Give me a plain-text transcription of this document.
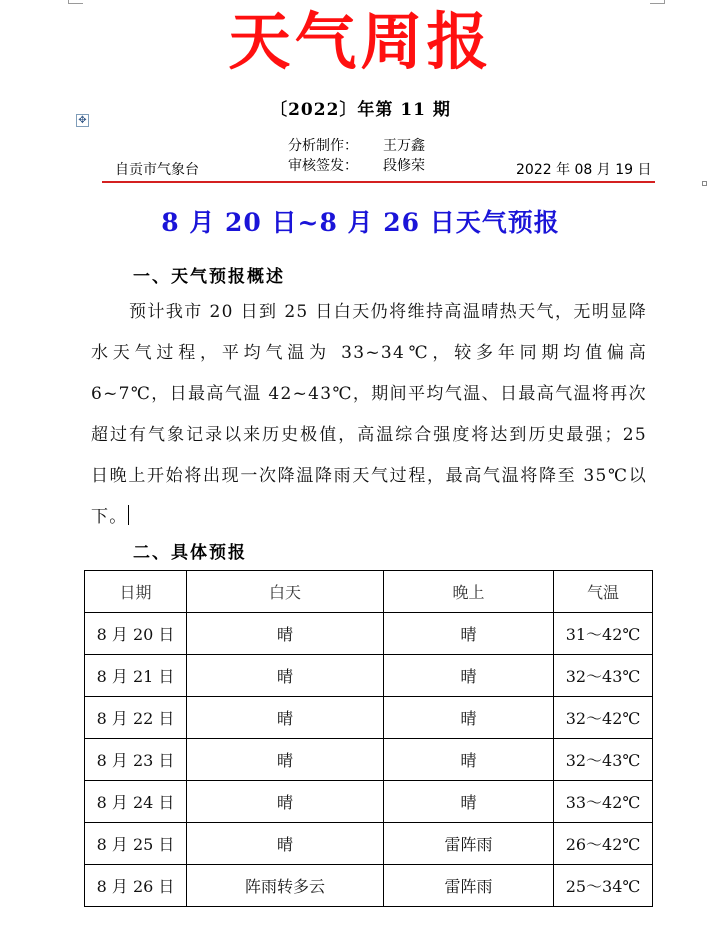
天气周报
〔2022〕年第 11 期
✥
分析制作： 王万鑫
审核签发： 段修荣
自贡市气象台	2022 年 08 月 19 日
8 月 20 日~8 月 26 日天气预报
一、天气预报概述
预计我市 20 日到 25 日白天仍将维持高温晴热天气，无明显降水天气过程，平均气温为 33~34℃，较多年同期均值偏高 6~7℃，日最高气温 42~43℃，期间平均气温、日最高气温将再次超过有气象记录以来历史极值，高温综合强度将达到历史最强；25 日晚上开始将出现一次降温降雨天气过程，最高气温将降至 35℃以下。
二、具体预报
日期	白天	晚上	气温
8 月 20 日	晴	晴	31～42℃
8 月 21 日	晴	晴	32～43℃
8 月 22 日	晴	晴	32～42℃
8 月 23 日	晴	晴	32～43℃
8 月 24 日	晴	晴	33～42℃
8 月 25 日	晴	雷阵雨	26～42℃
8 月 26 日	阵雨转多云	雷阵雨	25～34℃
